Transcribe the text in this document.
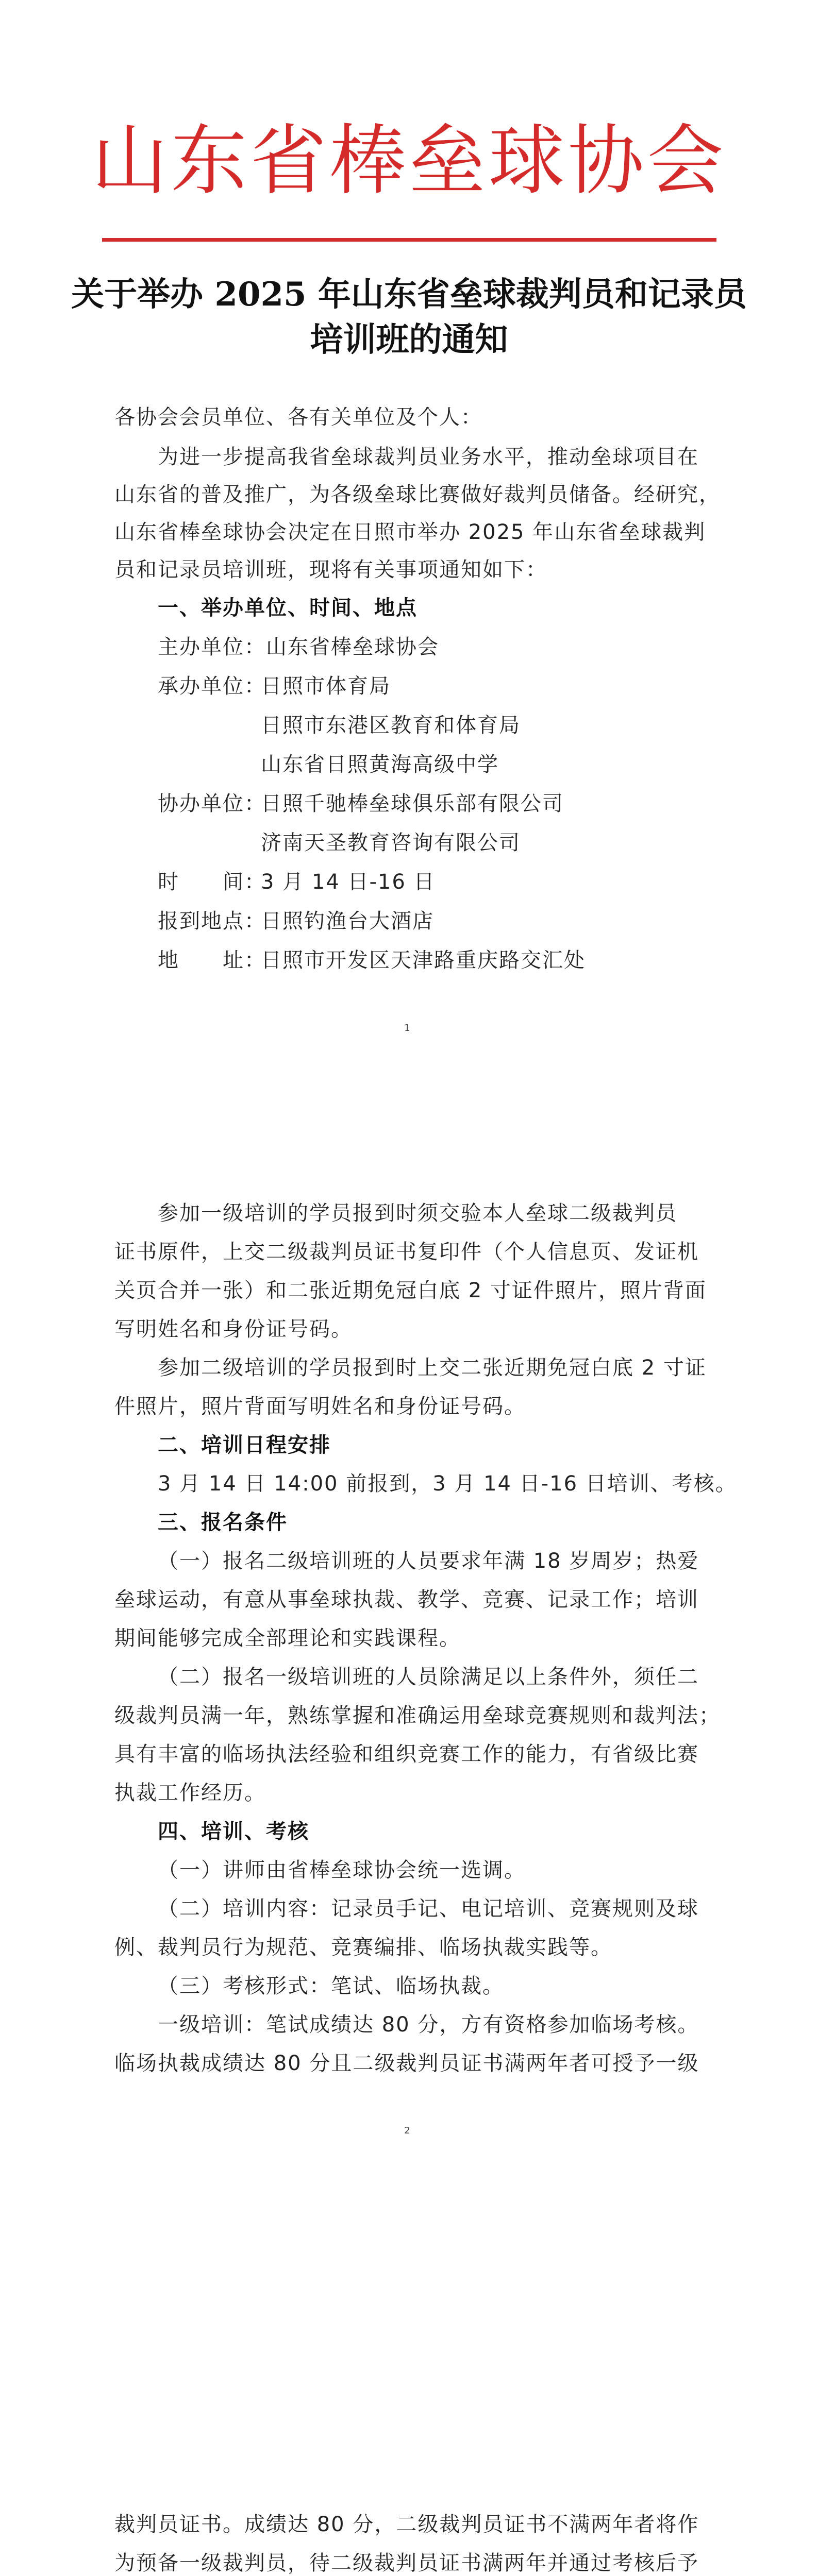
山东省棒垒球协会
关于举办 2025 年山东省垒球裁判员和记录员
培训班的通知
各协会会员单位、各有关单位及个人：
为进一步提高我省垒球裁判员业务水平，推动垒球项目在
山东省的普及推广，为各级垒球比赛做好裁判员储备。经研究，
山东省棒垒球协会决定在日照市举办 2025 年山东省垒球裁判
员和记录员培训班，现将有关事项通知如下：
一、举办单位、时间、地点
主办单位：山东省棒垒球协会
承办单位：
日照市体育局
日照市东港区教育和体育局
山东省日照黄海高级中学
协办单位：
日照千驰棒垒球俱乐部有限公司
济南天圣教育咨询有限公司
时　　间：
3 月 14 日-16 日
报到地点：
日照钓渔台大酒店
地　　址：
日照市开发区天津路重庆路交汇处
1
参加一级培训的学员报到时须交验本人垒球二级裁判员
证书原件，上交二级裁判员证书复印件（个人信息页、发证机
关页合并一张）和二张近期免冠白底 2 寸证件照片，照片背面
写明姓名和身份证号码。
参加二级培训的学员报到时上交二张近期免冠白底 2 寸证
件照片，照片背面写明姓名和身份证号码。
二、培训日程安排
3 月 14 日 14:00 前报到，3 月 14 日-16 日培训、考核。
三、报名条件
（一）报名二级培训班的人员要求年满 18 岁周岁；热爱
垒球运动，有意从事垒球执裁、教学、竞赛、记录工作；培训
期间能够完成全部理论和实践课程。
（二）报名一级培训班的人员除满足以上条件外，须任二
级裁判员满一年，熟练掌握和准确运用垒球竞赛规则和裁判法；
具有丰富的临场执法经验和组织竞赛工作的能力，有省级比赛
执裁工作经历。
四、培训、考核
（一）讲师由省棒垒球协会统一选调。
（二）培训内容：记录员手记、电记培训、竞赛规则及球
例、裁判员行为规范、竞赛编排、临场执裁实践等。
（三）考核形式：笔试、临场执裁。
一级培训：笔试成绩达 80 分，方有资格参加临场考核。
临场执裁成绩达 80 分且二级裁判员证书满两年者可授予一级
2
裁判员证书。成绩达 80 分，二级裁判员证书不满两年者将作
为预备一级裁判员，待二级裁判员证书满两年并通过考核后予
